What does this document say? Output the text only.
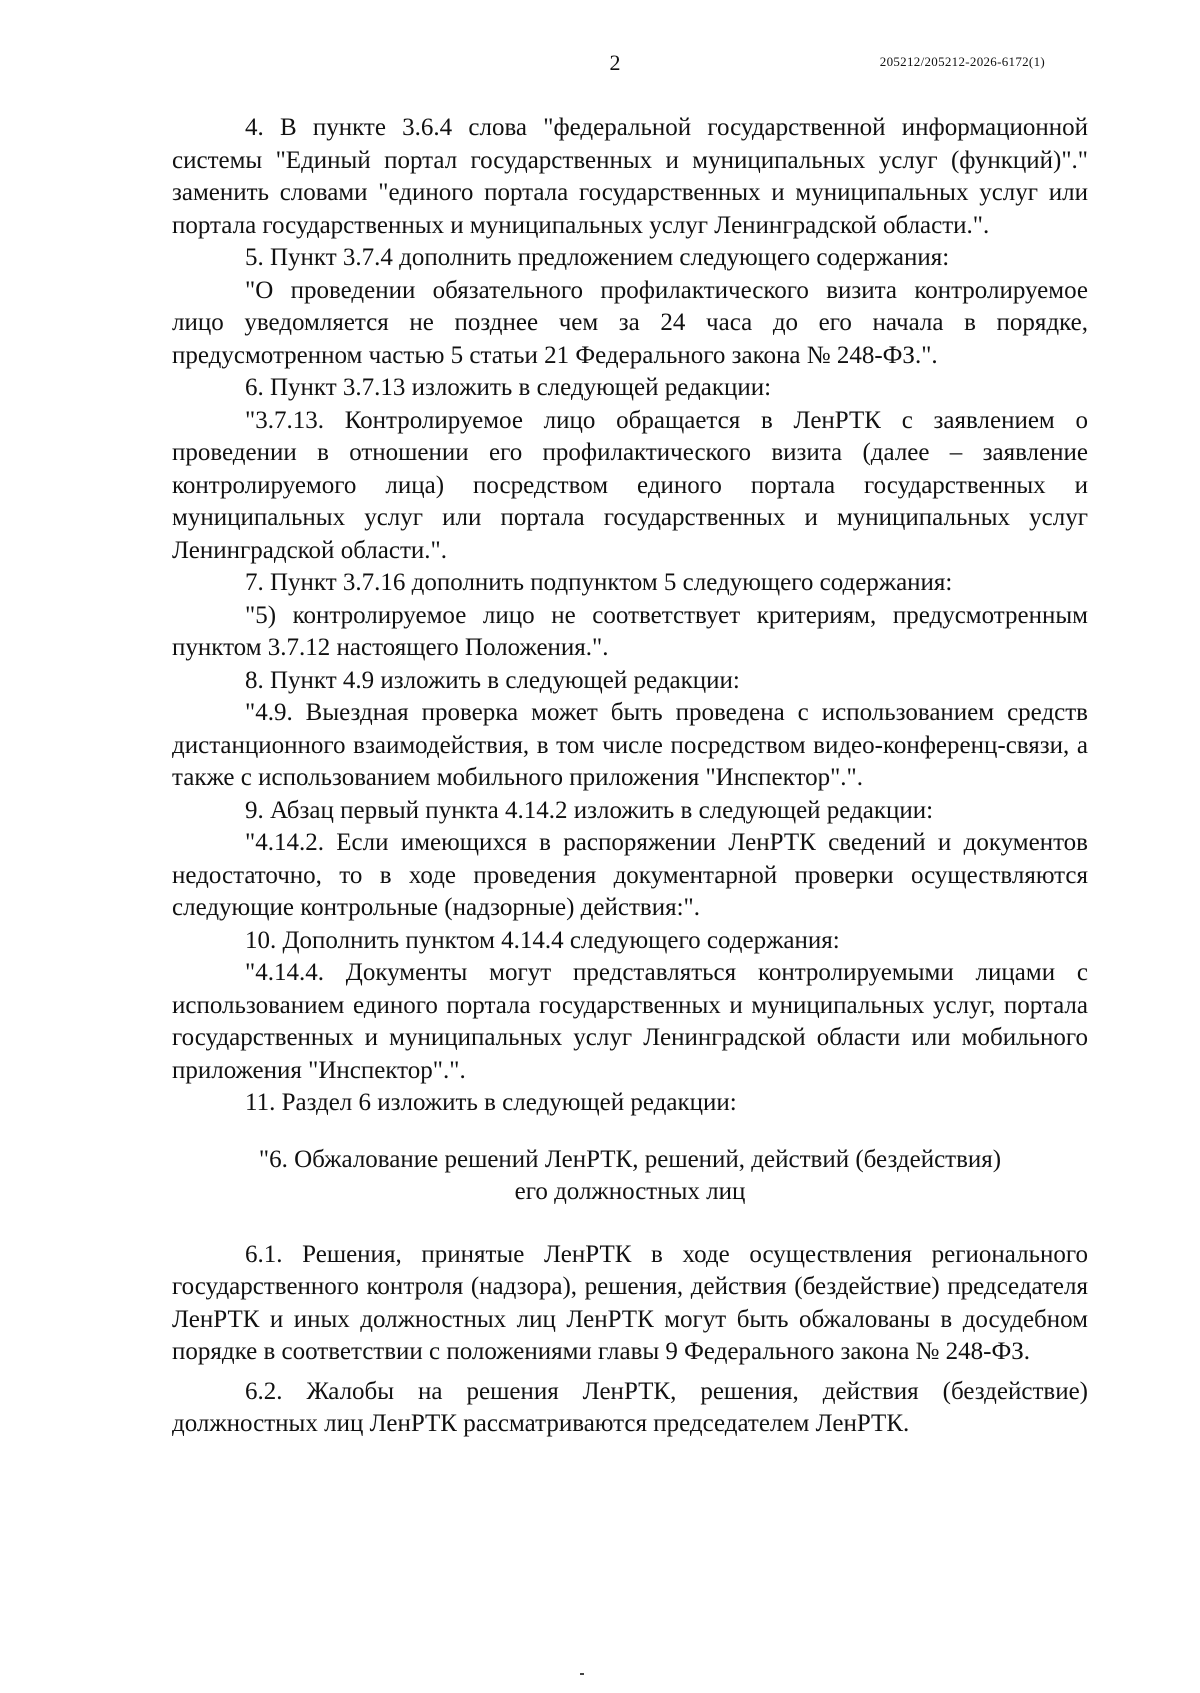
2	205212/205212-2026-6172(1)

4. В пункте 3.6.4 слова "федеральной государственной информационной системы "Единый портал государственных и муниципальных услуг (функций)"." заменить словами "единого портала государственных и муниципальных услуг или портала государственных и муниципальных услуг Ленинградской области.".

5. Пункт 3.7.4 дополнить предложением следующего содержания:

"О проведении обязательного профилактического визита контролируемое лицо уведомляется не позднее чем за 24 часа до его начала в порядке, предусмотренном частью 5 статьи 21 Федерального закона № 248-ФЗ.".

6. Пункт 3.7.13 изложить в следующей редакции:

"3.7.13. Контролируемое лицо обращается в ЛенРТК с заявлением о проведении в отношении его профилактического визита (далее – заявление контролируемого лица) посредством единого портала государственных и муниципальных услуг или портала государственных и муниципальных услуг Ленинградской области.".

7. Пункт 3.7.16 дополнить подпунктом 5 следующего содержания:

"5) контролируемое лицо не соответствует критериям, предусмотренным пунктом 3.7.12 настоящего Положения.".

8. Пункт 4.9 изложить в следующей редакции:

"4.9. Выездная проверка может быть проведена с использованием средств дистанционного взаимодействия, в том числе посредством видео-конференц-связи, а также с использованием мобильного приложения "Инспектор".".

9. Абзац первый пункта 4.14.2 изложить в следующей редакции:

"4.14.2. Если имеющихся в распоряжении ЛенРТК сведений и документов недостаточно, то в ходе проведения документарной проверки осуществляются следующие контрольные (надзорные) действия:".

10. Дополнить пунктом 4.14.4 следующего содержания:

"4.14.4. Документы могут представляться контролируемыми лицами с использованием единого портала государственных и муниципальных услуг, портала государственных и муниципальных услуг Ленинградской области или мобильного приложения "Инспектор".".

11. Раздел 6 изложить в следующей редакции:

"6. Обжалование решений ЛенРТК, решений, действий (бездействия)
его должностных лиц

6.1. Решения, принятые ЛенРТК в ходе осуществления регионального государственного контроля (надзора), решения, действия (бездействие) председателя ЛенРТК и иных должностных лиц ЛенРТК могут быть обжалованы в досудебном порядке в соответствии с положениями главы 9 Федерального закона № 248-ФЗ.

6.2. Жалобы на решения ЛенРТК, решения, действия (бездействие) должностных лиц ЛенРТК рассматриваются председателем ЛенРТК.
